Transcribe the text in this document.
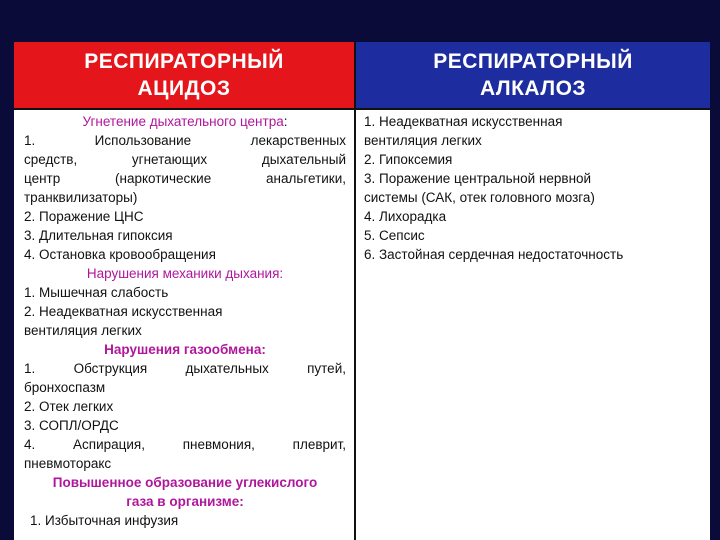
РЕСПИРАТОРНЫЙ
АЦИДОЗ
РЕСПИРАТОРНЫЙ
АЛКАЛОЗ
Угнетение дыхательного центра:
1. Использование лекарственных
средств, угнетающих дыхательный
центр (наркотические анальгетики,
транквилизаторы)
2. Поражение ЦНС
3. Длительная гипоксия
4. Остановка кровообращения
Нарушения механики дыхания:
1. Мышечная слабость
2. Неадекватная искусственная
вентиляция легких
Нарушения газообмена:
1. Обструкция дыхательных путей,
бронхоспазм
2. Отек легких
3. СОПЛ/ОРДС
4. Аспирация, пневмония, плеврит,
пневмоторакс
Повышенное образование углекислого
газа в организме:
1. Избыточная инфузия
1. Неадекватная искусственная
вентиляция легких
2. Гипоксемия
3. Поражение центральной нервной
системы (САК, отек головного мозга)
4. Лихорадка
5. Сепсис
6. Застойная сердечная недостаточность
